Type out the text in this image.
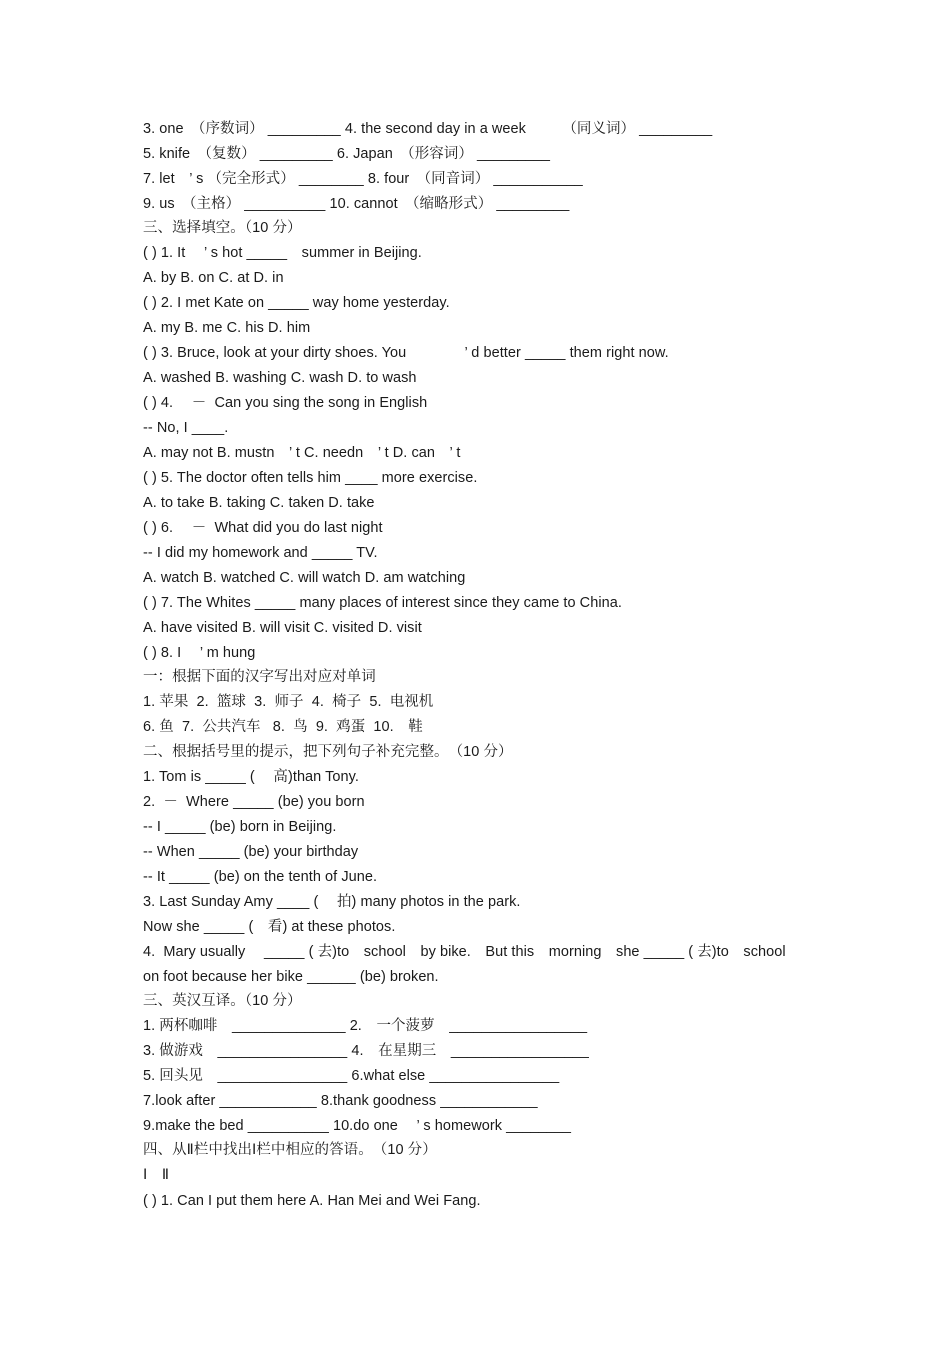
3. one　（序数词） _________ 4. the second day in a week　　　（同义词） _________
5. knife　（复数） _________ 6. Japan　（形容词） _________
7. let　’ s （完全形式） ________ 8. four　（同音词） ___________
9. us　（主格） __________ 10. cannot　（缩略形式） _________
三、选择填空。（10 分）
( ) 1. It　 ’ s hot _____　summer in Beijing.
A. by B. on C. at D. in
( ) 2. I met Kate on _____ way home yesterday.
A. my B. me C. his D. him
( ) 3. Bruce, look at your dirty shoes. You　　　　’ d better _____ them right now.
A. washed B. washing C. wash D. to wash
( ) 4.　 －  Can you sing the song in English
-- No, I ____.
A. may not B. mustn　’ t C. needn　’ t D. can　’ t
( ) 5. The doctor often tells him ____ more exercise.
A. to take B. taking C. taken D. take
( ) 6.　 －  What did you do last night
-- I did my homework and _____ TV.
A. watch B. watched C. will watch D. am watching
( ) 7. The Whites _____ many places of interest since they came to China.
A. have visited B. will visit C. visited D. visit
( ) 8. I　 ’ m hung
一：根据下面的汉字写出对应对单词
1. 苹果  2.  篮球  3.  师子  4.  椅子  5.  电视机
6. 鱼  7.  公共汽车   8.  鸟  9.  鸡蛋  10.　鞋
二、根据括号里的提示，把下列句子补充完整。　（10 分）
1. Tom is _____ (　 高)than Tony.
2.  －  Where _____ (be) you born
-- I _____ (be) born in Beijing.
-- When _____ (be) your birthday
-- It _____ (be) on the tenth of June.
3. Last Sunday Amy ____ (　 拍) many photos in the park.
Now she _____ (　看) at these photos.
4.  Mary usually　 _____ ( 去)to　school　by bike.　But this　morning　she _____ ( 去)to　school
on foot because her bike ______ (be) broken.
三、英汉互译。（10 分）
1. 两杯咖啡　______________ 2.　一个菠萝　_________________
3. 做游戏　________________ 4.　在星期三　_________________
5. 回头见　________________ 6.what else ________________
7.look after ____________ 8.thank goodness ____________
9.make the bed __________ 10.do one　 ’ s homework ________
四、从Ⅱ栏中找出Ⅰ栏中相应的答语。　（10 分）
Ⅰ　Ⅱ
( ) 1. Can I put them here A. Han Mei and Wei Fang.
